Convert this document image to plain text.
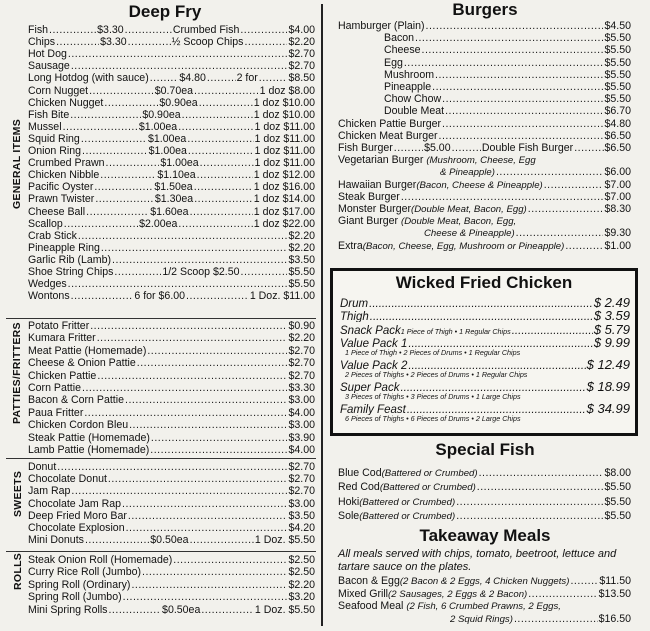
Deep Fry
Fish .....	$3.30 .....	Crumbed Fish .....	$4.00
Chips .....	$3.30 .....	½ Scoop Chips .....	$2.20
Hot Dog .....	$2.70
Sausage .....	$2.70
Long Hotdog (with sauce) .....	$4.80 .....	2 for .....	$8.50
Corn Nugget .....	$0.70ea .....	1 doz $8.00
Chicken Nugget .....	$0.90ea .....	1 doz $10.00
Fish Bite .....	$0.90ea .....	1 doz $10.00
Mussel .....	$1.00ea .....	1 doz $11.00
Squid Ring .....	$1.00ea .....	1 doz $11.00
Onion Ring .....	$1.00ea .....	1 doz $11.00
Crumbed Prawn .....	$1.00ea .....	1 doz $11.00
Chicken Nibble .....	$1.10ea .....	1 doz $12.00
Pacific Oyster .....	$1.50ea .....	1 doz $16.00
Prawn Twister .....	$1.30ea .....	1 doz $14.00
Cheese Ball .....	$1.60ea .....	1 doz $17.00
Scallop .....	$2.00ea .....	1 doz $22.00
Crab Stick .....	$2.20
Pineapple Ring .....	$2.20
Garlic Rib (Lamb) .....	$3.50
Shoe String Chips .....	1/2 Scoop $2.50 .....	$5.50
Wedges .....	$5.50
Wontons .....	6 for $6.00 .....	1 Doz. $11.00
Potato Fritter .....	$0.90
Kumara Fritter .....	$2.20
Meat Pattie (Homemade) .....	$2.70
Cheese & Onion Pattie .....	$2.70
Chicken Pattie .....	$2.70
Corn Pattie .....	$3.30
Bacon & Corn Pattie .....	$3.00
Paua Fritter .....	$4.00
Chicken Cordon Bleu .....	$3.00
Steak Pattie (Homemade) .....	$3.90
Lamb Pattie (Homemade) .....	$4.00
Donut .....	$2.70
Chocolate Donut .....	$2.70
Jam Rap .....	$2.70
Chocolate Jam Rap .....	$3.00
Deep Fried Moro Bar .....	$3.50
Chocolate Explosion .....	$4.20
Mini Donuts .....	$0.50ea .....	1 Doz. $5.50
Steak Onion Roll (Homemade) .....	$2.50
Curry Rice Roll (Jumbo) .....	$2.50
Spring Roll (Ordinary) .....	$2.20
Spring Roll (Jumbo) .....	$3.20
Mini Spring Rolls .....	$0.50ea .....	1 Doz. $5.50
GENERAL ITEMS
PATTIES/FRITTERS
SWEETS
ROLLS
Burgers
Hamburger (Plain) .....	$4.50
Bacon .....	$5.50
Cheese .....	$5.50
Egg .....	$5.50
Mushroom .....	$5.50
Pineapple .....	$5.50
Chow Chow .....	$5.50
Double Meat .....	$6.70
Chicken Pattie Burger .....	$4.80
Chicken Meat Burger .....	$6.50
Fish Burger .....	$5.00 .....	Double Fish Burger .....	$6.50
Vegetarian Burger (Mushroom, Cheese, Egg
& Pineapple) .....	$6.00
Hawaiian Burger (Bacon, Cheese & Pineapple) .....	$7.00
Steak Burger .....	$7.00
Monster Burger (Double Meat, Bacon, Egg) .....	$8.30
Giant Burger (Double Meat, Bacon, Egg,
Cheese & Pineapple) .....	$9.30
Extra (Bacon, Cheese, Egg, Mushroom or Pineapple) .....	$1.00
Blue Cod (Battered or Crumbed) .....	$8.00
Red Cod (Battered or Crumbed) .....	$5.50
Hoki (Battered or Crumbed) .....	$5.50
Sole (Battered or Crumbed) .....	$5.50
Bacon & Egg (2 Bacon & 2 Eggs, 4 Chicken Nuggets) .....	$11.50
Mixed Grill (2 Sausages, 2 Eggs & 2 Bacon) .....	$13.50
Seafood Meal (2 Fish, 6 Crumbed Prawns, 2 Eggs,
2 Squid Rings) .....	$16.50
Wicked Fried Chicken
Drum .....	$ 2.49
Thigh .....	$ 3.59
Snack Pack 1 Piece of Thigh • 1 Regular Chips .....	$ 5.79
Value Pack 1 .....	$ 9.99
1 Piece of Thigh • 2 Pieces of Drums • 1 Regular Chips
Value Pack 2 .....	$ 12.49
2 Pieces of Thighs • 2 Pieces of Drums • 1 Regular Chips
Super Pack .....	$ 18.99
3 Pieces of Thighs • 3 Pieces of Drums • 1 Large Chips
Family Feast .....	$ 34.99
6 Pieces of Thighs • 6 Pieces of Drums • 2 Large Chips
Special Fish
Takeaway Meals
All meals served with chips, tomato, beetroot, lettuce and tartare sauce on the plates.
